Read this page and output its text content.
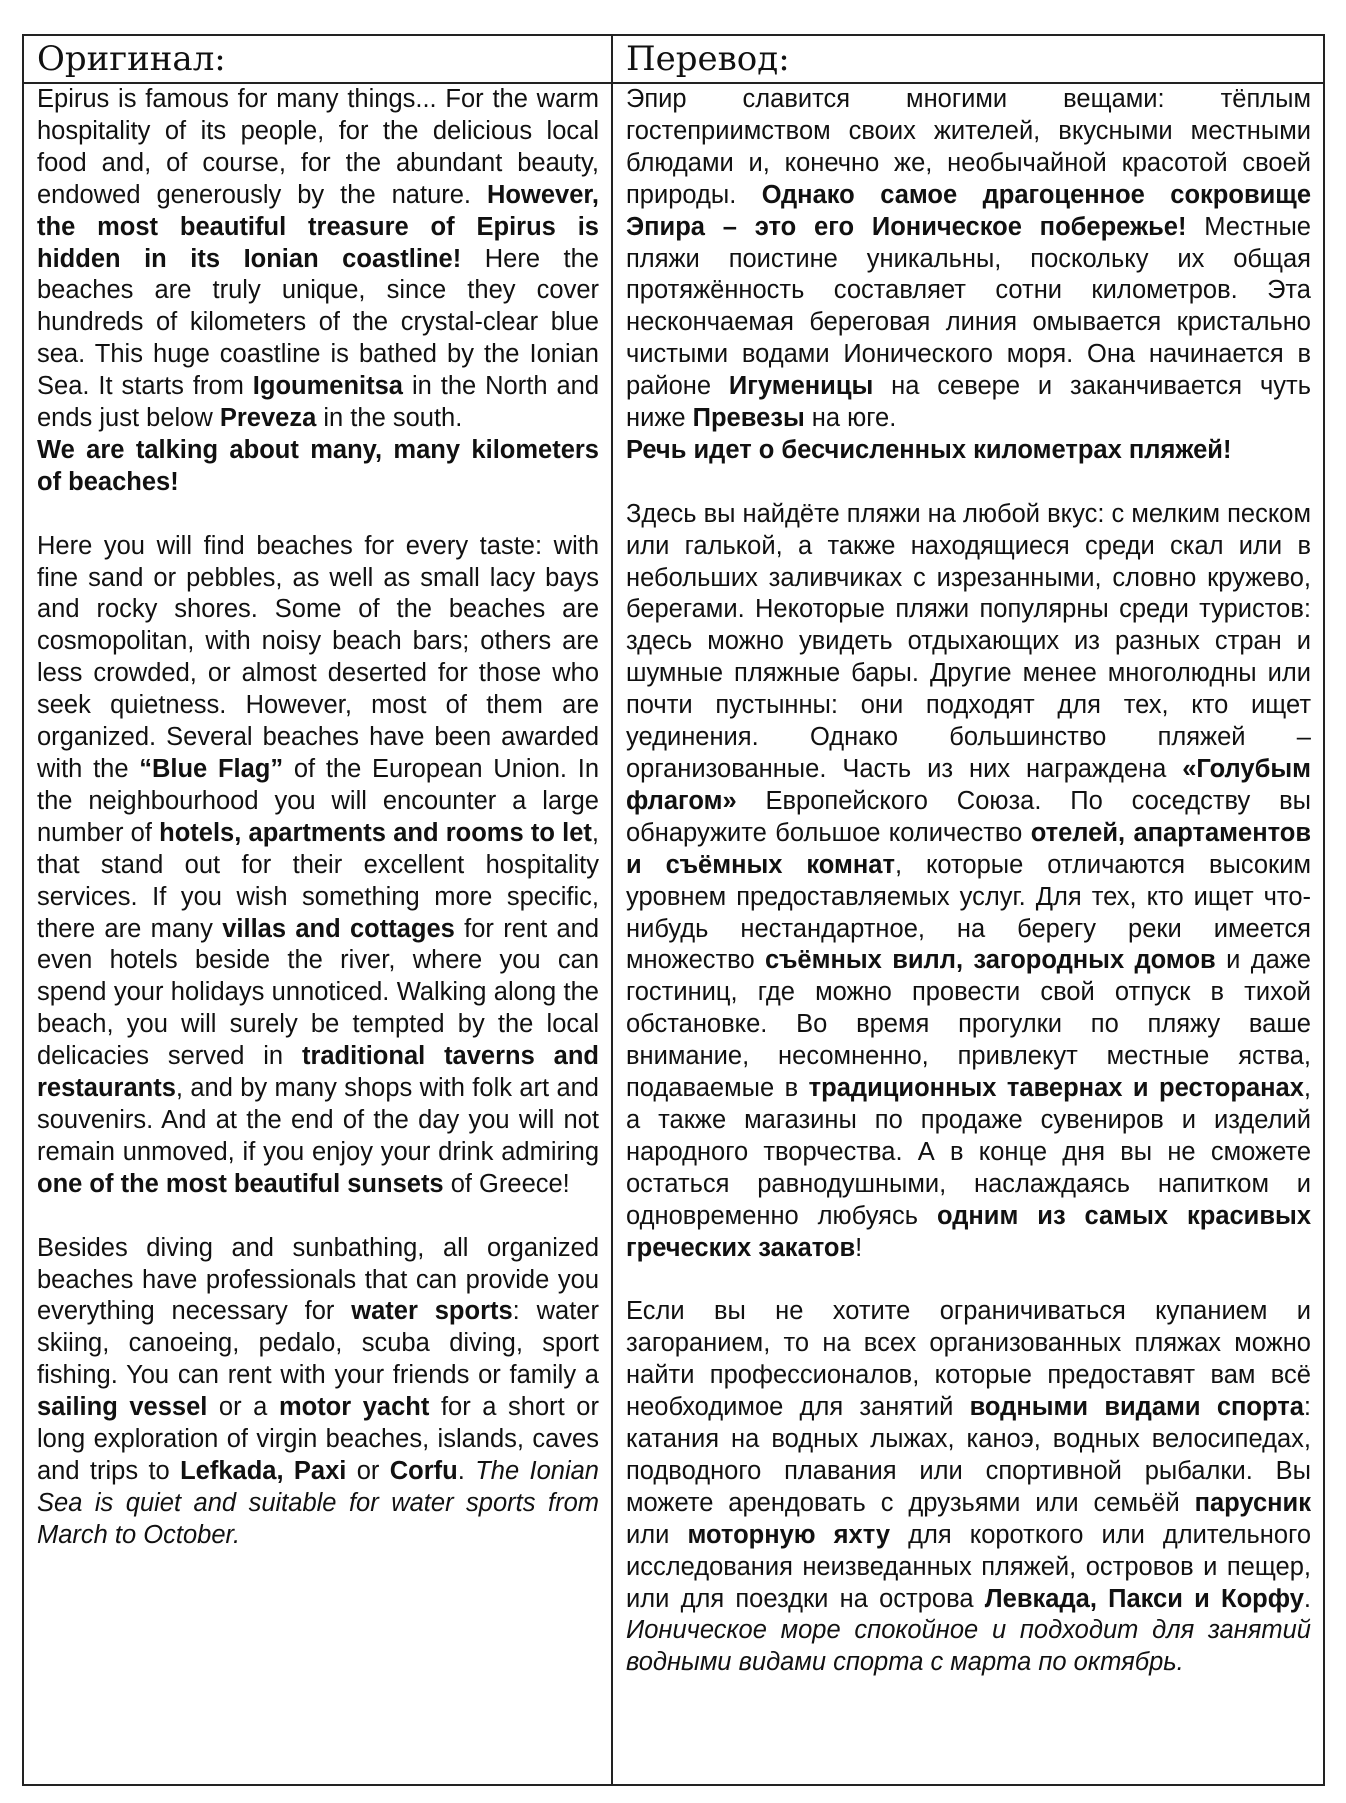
Оригинал:	Перевод:

Epirus is famous for many things... For the warm hospitality of its people, for the delicious local food and, of course, for the abundant beauty, endowed generously by the nature. However, the most beautiful treasure of Epirus is hidden in its Ionian coastline! Here the beaches are truly unique, since they cover hundreds of kilometers of the crystal-clear blue sea. This huge coastline is bathed by the Ionian Sea. It starts from Igoumenitsa in the North and ends just below Preveza in the south.
We are talking about many, many kilometers of beaches!

Here you will find beaches for every taste: with fine sand or pebbles, as well as small lacy bays and rocky shores. Some of the beaches are cosmopolitan, with noisy beach bars; others are less crowded, or almost deserted for those who seek quietness. However, most of them are organized. Several beaches have been awarded with the “Blue Flag” of the European Union. In the neighbourhood you will encounter a large number of hotels, apartments and rooms to let, that stand out for their excellent hospitality services. If you wish something more specific, there are many villas and cottages for rent and even hotels beside the river, where you can spend your holidays unnoticed. Walking along the beach, you will surely be tempted by the local delicacies served in traditional taverns and restaurants, and by many shops with folk art and souvenirs. And at the end of the day you will not remain unmoved, if you enjoy your drink admiring one of the most beautiful sunsets of Greece!

Besides diving and sunbathing, all organized beaches have professionals that can provide you everything necessary for water sports: water skiing, canoeing, pedalo, scuba diving, sport fishing. You can rent with your friends or family a sailing vessel or a motor yacht for a short or long exploration of virgin beaches, islands, caves and trips to Lefkada, Paxi or Corfu. The Ionian Sea is quiet and suitable for water sports from March to October.

Эпир славится многими вещами: тёплым гостеприимством своих жителей, вкусными местными блюдами и, конечно же, необычайной красотой своей природы. Однако самое драгоценное сокровище Эпира – это его Ионическое побережье! Местные пляжи поистине уникальны, поскольку их общая протяжённость составляет сотни километров. Эта нескончаемая береговая линия омывается кристально чистыми водами Ионического моря. Она начинается в районе Игуменицы на севере и заканчивается чуть ниже Превезы на юге.
Речь идет о бесчисленных километрах пляжей!

Здесь вы найдёте пляжи на любой вкус: с мелким песком или галькой, а также находящиеся среди скал или в небольших заливчиках с изрезанными, словно кружево, берегами. Некоторые пляжи популярны среди туристов: здесь можно увидеть отдыхающих из разных стран и шумные пляжные бары. Другие менее многолюдны или почти пустынны: они подходят для тех, кто ищет уединения. Однако большинство пляжей – организованные. Часть из них награждена «Голубым флагом» Европейского Союза. По соседству вы обнаружите большое количество отелей, апартаментов и съёмных комнат, которые отличаются высоким уровнем предоставляемых услуг. Для тех, кто ищет что-нибудь нестандартное, на берегу реки имеется множество съёмных вилл, загородных домов и даже гостиниц, где можно провести свой отпуск в тихой обстановке. Во время прогулки по пляжу ваше внимание, несомненно, привлекут местные яства, подаваемые в традиционных тавернах и ресторанах, а также магазины по продаже сувениров и изделий народного творчества. А в конце дня вы не сможете остаться равнодушными, наслаждаясь напитком и одновременно любуясь одним из самых красивых греческих закатов!

Если вы не хотите ограничиваться купанием и загоранием, то на всех организованных пляжах можно найти профессионалов, которые предоставят вам всё необходимое для занятий водными видами спорта: катания на водных лыжах, каноэ, водных велосипедах, подводного плавания или спортивной рыбалки. Вы можете арендовать с друзьями или семьёй парусник или моторную яхту для короткого или длительного исследования неизведанных пляжей, островов и пещер, или для поездки на острова Левкада, Пакси и Корфу. Ионическое море спокойное и подходит для занятий водными видами спорта с марта по октябрь.
